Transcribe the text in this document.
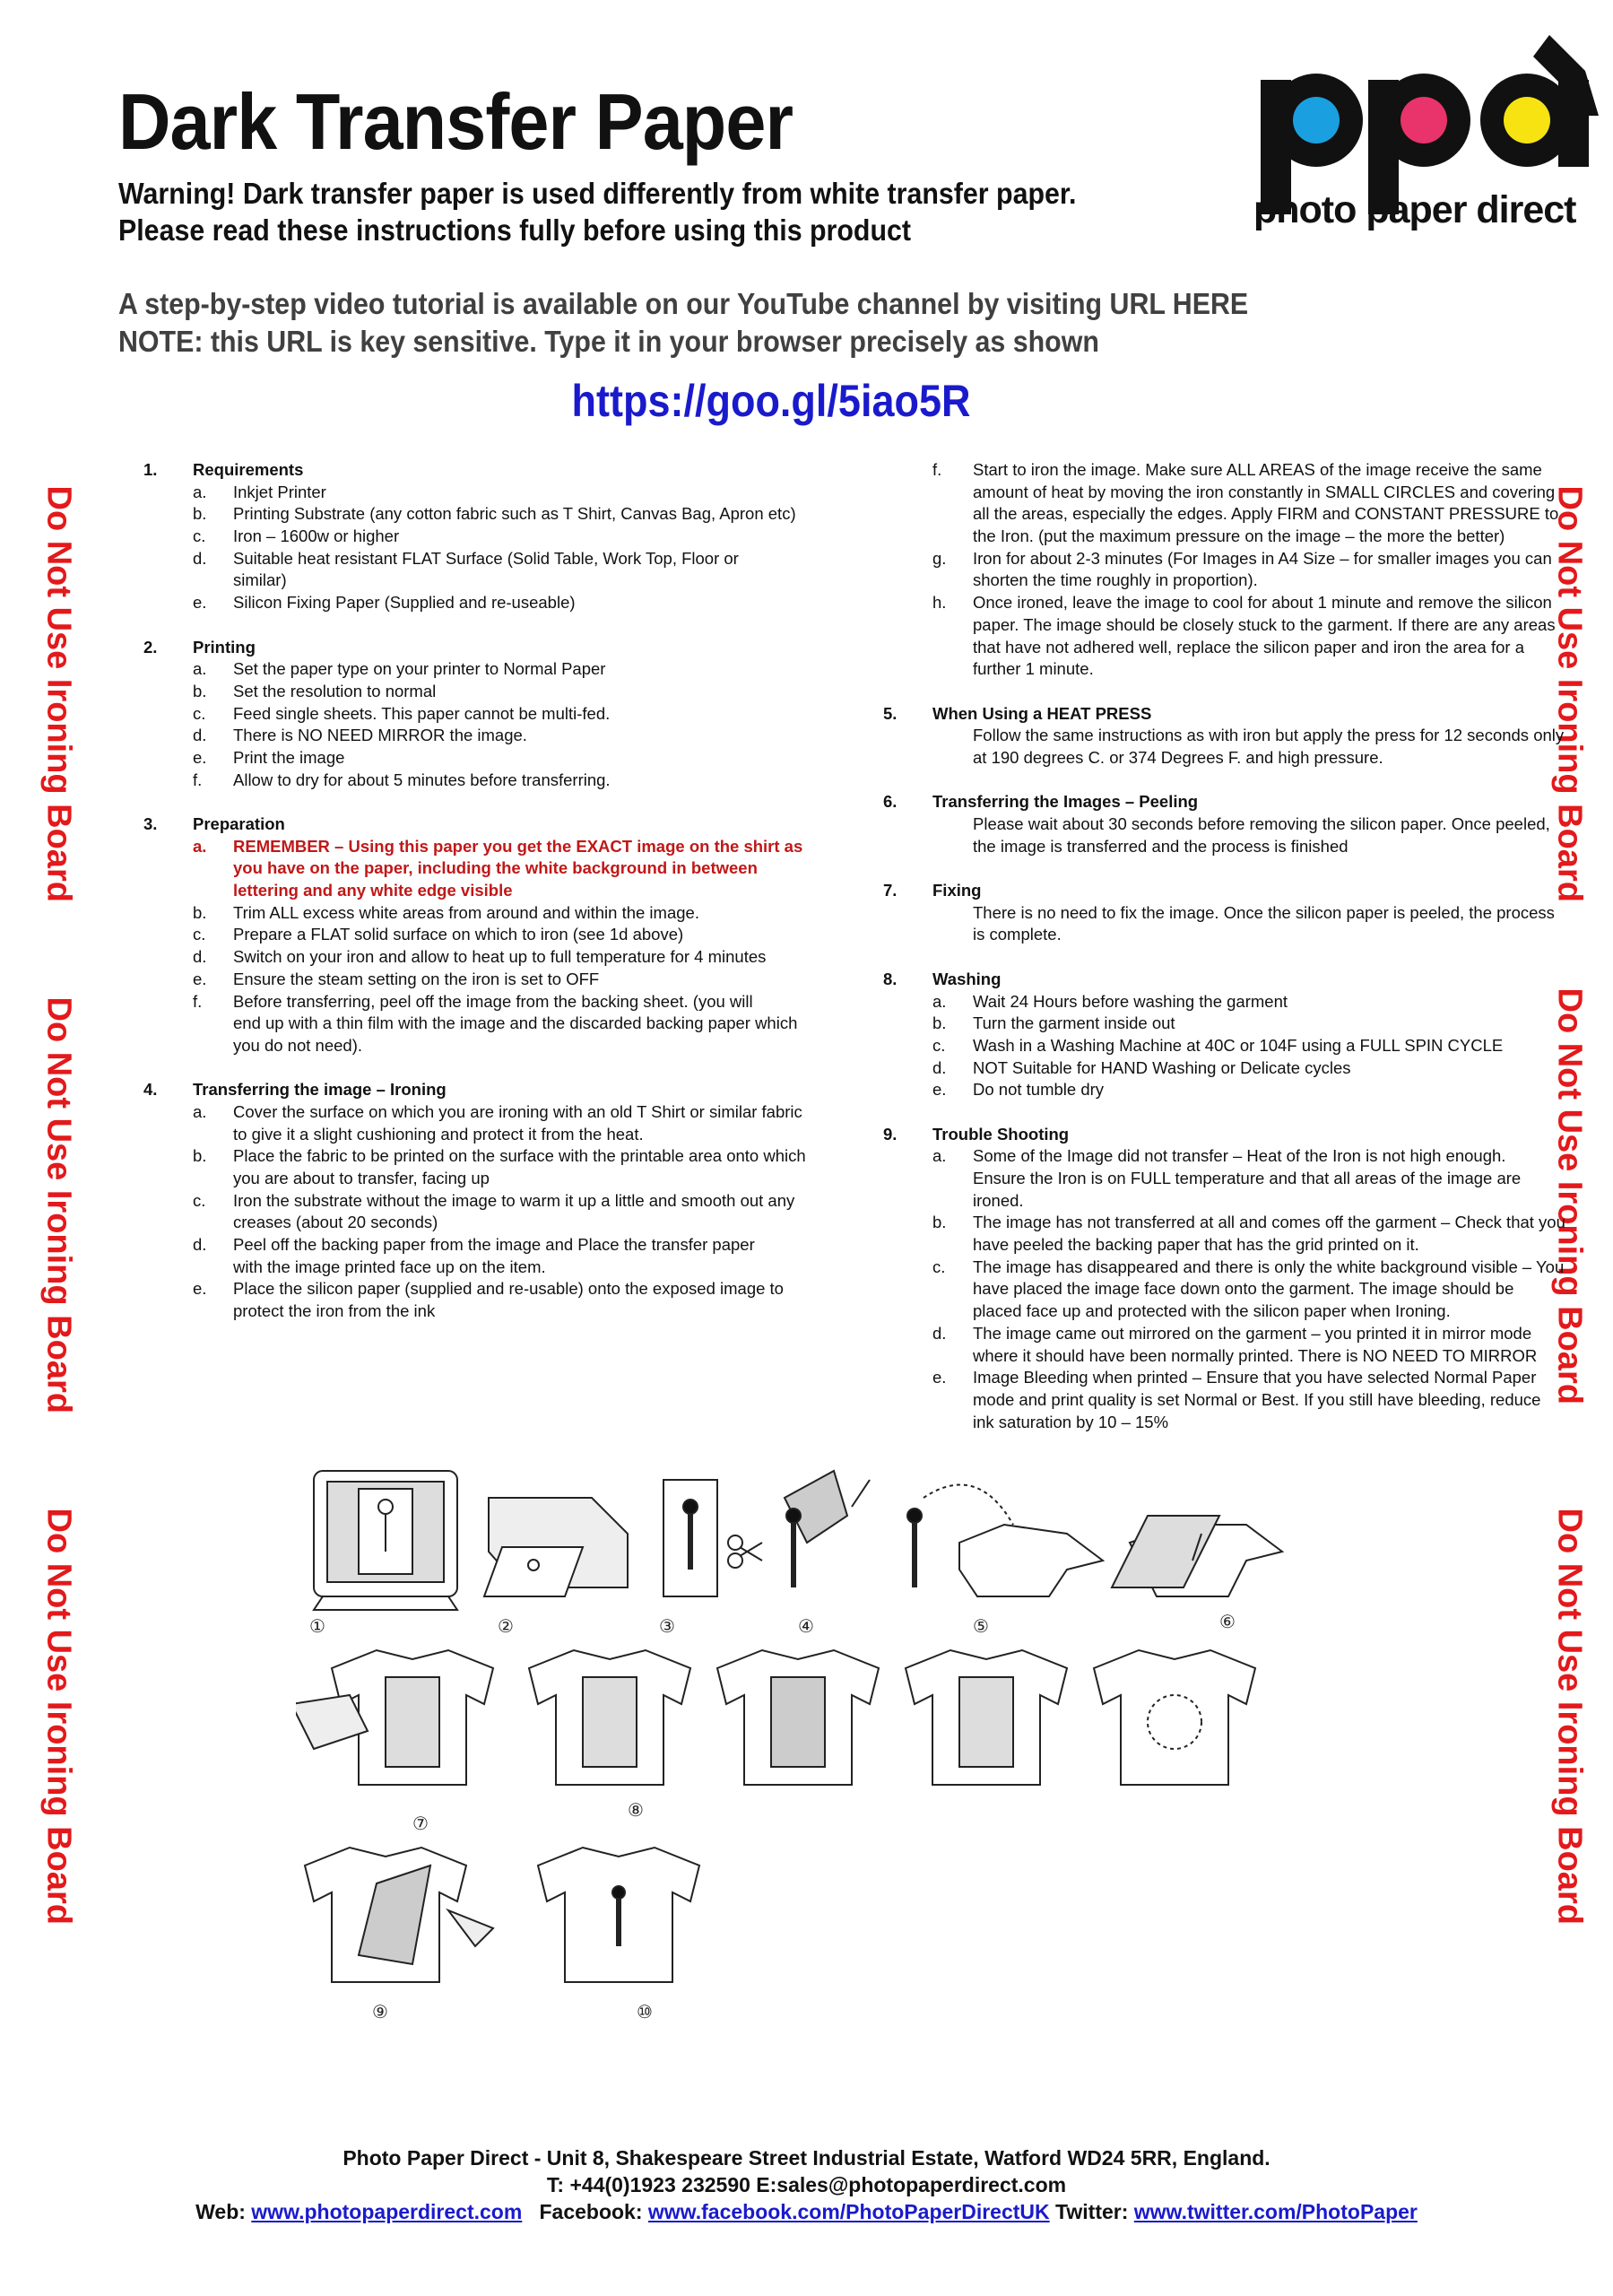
Dark Transfer Paper
Warning! Dark transfer paper is used differently from white transfer paper.
Please read these instructions fully before using this product
A step-by-step video tutorial is available on our YouTube channel by visiting URL HERE
NOTE: this URL is key sensitive. Type it in your browser precisely as shown
https://goo.gl/5iao5R
photo paper direct
Do Not Use Ironing Board
Do Not Use Ironing Board
Do Not Use Ironing Board
Do Not Use Ironing Board
Do Not Use Ironing Board
Do Not Use Ironing Board
1. Requirements
a. Inkjet Printer
b. Printing Substrate (any cotton fabric such as T Shirt, Canvas Bag, Apron etc)
c. Iron – 1600w or higher
d. Suitable heat resistant FLAT Surface (Solid Table, Work Top, Floor or
similar)
e. Silicon Fixing Paper (Supplied and re-useable)
2. Printing
a. Set the paper type on your printer to Normal Paper
b. Set the resolution to normal
c. Feed single sheets. This paper cannot be multi-fed.
d. There is NO NEED MIRROR the image.
e. Print the image
f. Allow to dry for about 5 minutes before transferring.
3. Preparation
a. REMEMBER – Using this paper you get the EXACT image on the shirt as
you have on the paper, including the white background in between
lettering and any white edge visible
b. Trim ALL excess white areas from around and within the image.
c. Prepare a FLAT solid surface on which to iron (see 1d above)
d. Switch on your iron and allow to heat up to full temperature for 4 minutes
e. Ensure the steam setting on the iron is set to OFF
f. Before transferring, peel off the image from the backing sheet. (you will
end up with a thin film with the image and the discarded backing paper which
you do not need).
4. Transferring the image – Ironing
a. Cover the surface on which you are ironing with an old T Shirt or similar fabric
to give it a slight cushioning and protect it from the heat.
b. Place the fabric to be printed on the surface with the printable area onto which
you are about to transfer, facing up
c. Iron the substrate without the image to warm it up a little and smooth out any
creases (about 20 seconds)
d. Peel off the backing paper from the image and Place the transfer paper
with the image printed face up on the item.
e. Place the silicon paper (supplied and re-usable) onto the exposed image to
protect the iron from the ink
f. Start to iron the image. Make sure ALL AREAS of the image receive the same
amount of heat by moving the iron constantly in SMALL CIRCLES and covering
all the areas, especially the edges. Apply FIRM and CONSTANT PRESSURE to
the Iron. (put the maximum pressure on the image – the more the better)
g. Iron for about 2-3 minutes (For Images in A4 Size – for smaller images you can
shorten the time roughly in proportion).
h. Once ironed, leave the image to cool for about 1 minute and remove the silicon
paper. The image should be closely stuck to the garment. If there are any areas
that have not adhered well, replace the silicon paper and iron the area for a
further 1 minute.
5. When Using a HEAT PRESS
Follow the same instructions as with iron but apply the press for 12 seconds only
at 190 degrees C. or 374 Degrees F. and high pressure.
6. Transferring the Images – Peeling
Please wait about 30 seconds before removing the silicon paper. Once peeled,
the image is transferred and the process is finished
7. Fixing
There is no need to fix the image. Once the silicon paper is peeled, the process
is complete.
8. Washing
a. Wait 24 Hours before washing the garment
b. Turn the garment inside out
c. Wash in a Washing Machine at 40C or 104F using a FULL SPIN CYCLE
d. NOT Suitable for HAND Washing or Delicate cycles
e. Do not tumble dry
9. Trouble Shooting
a. Some of the Image did not transfer – Heat of the Iron is not high enough.
Ensure the Iron is on FULL temperature and that all areas of the image are
ironed.
b. The image has not transferred at all and comes off the garment – Check that you
have peeled the backing paper that has the grid printed on it.
c. The image has disappeared and there is only the white background visible – You
have placed the image face down onto the garment. The image should be
placed face up and protected with the silicon paper when Ironing.
d. The image came out mirrored on the garment – you printed it in mirror mode
where it should have been normally printed. There is NO NEED TO MIRROR
e. Image Bleeding when printed – Ensure that you have selected Normal Paper
mode and print quality is set Normal or Best. If you still have bleeding, reduce
ink saturation by 10 – 15%
①	②	③	④	⑤	⑥
⑦
⑧
⑨	⑩
Photo Paper Direct - Unit 8, Shakespeare Street Industrial Estate, Watford WD24 5RR, England.
T: +44(0)1923 232590 E:sales@photopaperdirect.com
Web: www.photopaperdirect.com   Facebook: www.facebook.com/PhotoPaperDirectUK Twitter: www.twitter.com/PhotoPaper
